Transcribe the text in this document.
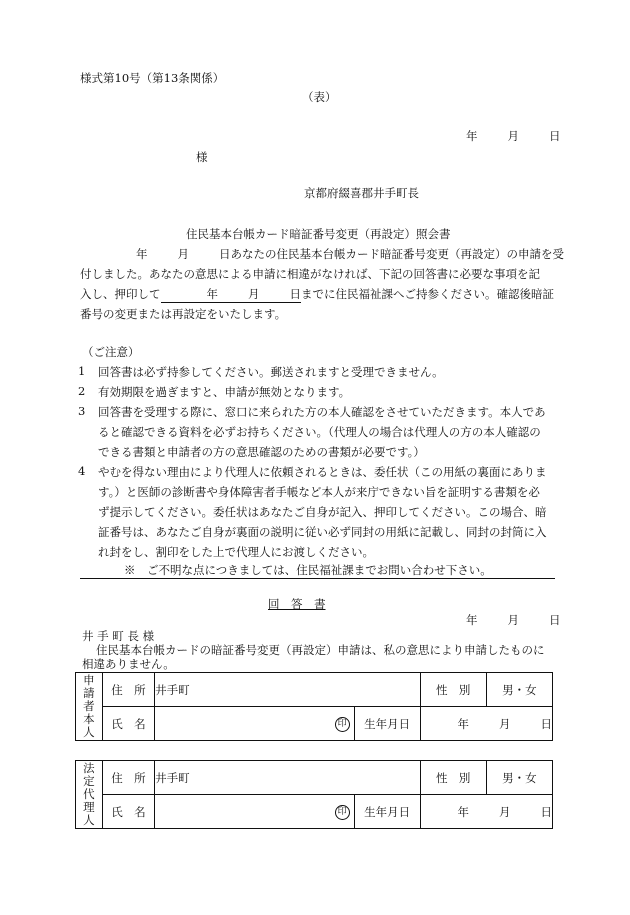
様式第10号（第13条関係）
（表）
年	月	日
様
京都府綴喜郡井手町長
住民基本台帳カード暗証番号変更（再設定）照会書
年	月	日あなたの住民基本台帳カード暗証番号変更（再設定）の申請を受
付しました。あなたの意思による申請に相違がなければ、下記の回答書に必要な事項を記
入し、押印して	年	月	日までに住民福祉課へご持参ください。確認後暗証
番号の変更または再設定をいたします。
（ご注意）
1 回答書は必ず持参してください。郵送されますと受理できません。
2 有効期限を過ぎますと、申請が無効となります。
3 回答書を受理する際に、窓口に来られた方の本人確認をさせていただきます。本人であ
ると確認できる資料を必ずお持ちください。（代理人の場合は代理人の方の本人確認の
できる書類と申請者の方の意思確認のための書類が必要です。）
4 やむを得ない理由により代理人に依頼されるときは、委任状（この用紙の裏面にありま
す。）と医師の診断書や身体障害者手帳など本人が来庁できない旨を証明する書類を必
ず提示してください。委任状はあなたご自身が記入、押印してください。この場合、暗
証番号は、あなたご自身が裏面の説明に従い必ず同封の用紙に記載し、同封の封筒に入
れ封をし、割印をした上で代理人にお渡しください。
※　ご不明な点につきましては、住民福祉課までお問い合わせ下さい。
回　答　書
年	月	日
井 手 町 長 様
住民基本台帳カードの暗証番号変更（再設定）申請は、私の意思により申請したものに
相違ありません。
申
請
者
本
人	住　所	井手町		性　別	男・女
	氏　名	印	生年月日	年 月 日	
法
定
代
理
人	住　所	井手町		性　別	男・女
	氏　名	印	生年月日	年 月 日	
